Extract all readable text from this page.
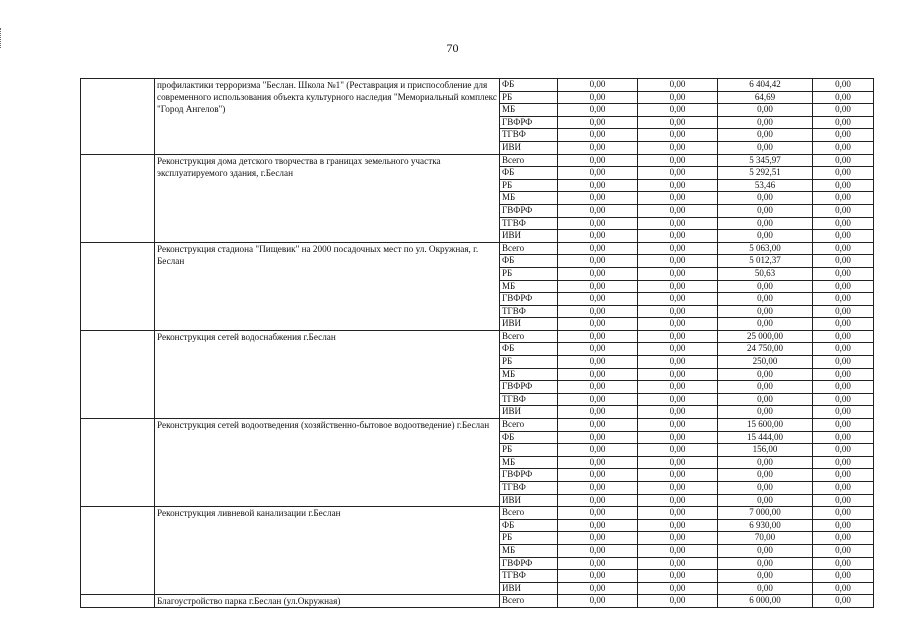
70
	профилактики терроризма "Беслан. Школа №1" (Реставрация и приспособление для современного использования объекта культурного наследия "Мемориальный комплекс "Город Ангелов")	ФБ	0,00	0,00	6 404,42	0,00
		РБ	0,00	0,00	64,69	0,00
		МБ	0,00	0,00	0,00	0,00
		ГВФРФ	0,00	0,00	0,00	0,00
		ТГВФ	0,00	0,00	0,00	0,00
		ИВИ	0,00	0,00	0,00	0,00
	Реконструкция дома детского творчества в границах земельного участка эксплуатируемого здания, г.Беслан	Всего	0,00	0,00	5 345,97	0,00
		ФБ	0,00	0,00	5 292,51	0,00
		РБ	0,00	0,00	53,46	0,00
		МБ	0,00	0,00	0,00	0,00
		ГВФРФ	0,00	0,00	0,00	0,00
		ТГВФ	0,00	0,00	0,00	0,00
		ИВИ	0,00	0,00	0,00	0,00
	Реконструкция стадиона "Пищевик" на 2000 посадочных мест по ул. Окружная, г. Беслан	Всего	0,00	0,00	5 063,00	0,00
		ФБ	0,00	0,00	5 012,37	0,00
		РБ	0,00	0,00	50,63	0,00
		МБ	0,00	0,00	0,00	0,00
		ГВФРФ	0,00	0,00	0,00	0,00
		ТГВФ	0,00	0,00	0,00	0,00
		ИВИ	0,00	0,00	0,00	0,00
	Реконструкция сетей водоснабжения г.Беслан	Всего	0,00	0,00	25 000,00	0,00
		ФБ	0,00	0,00	24 750,00	0,00
		РБ	0,00	0,00	250,00	0,00
		МБ	0,00	0,00	0,00	0,00
		ГВФРФ	0,00	0,00	0,00	0,00
		ТГВФ	0,00	0,00	0,00	0,00
		ИВИ	0,00	0,00	0,00	0,00
	Реконструкция сетей водоотведения (хозяйственно-бытовое водоотведение) г.Беслан	Всего	0,00	0,00	15 600,00	0,00
		ФБ	0,00	0,00	15 444,00	0,00
		РБ	0,00	0,00	156,00	0,00
		МБ	0,00	0,00	0,00	0,00
		ГВФРФ	0,00	0,00	0,00	0,00
		ТГВФ	0,00	0,00	0,00	0,00
		ИВИ	0,00	0,00	0,00	0,00
	Реконструкция ливневой канализации г.Беслан	Всего	0,00	0,00	7 000,00	0,00
		ФБ	0,00	0,00	6 930,00	0,00
		РБ	0,00	0,00	70,00	0,00
		МБ	0,00	0,00	0,00	0,00
		ГВФРФ	0,00	0,00	0,00	0,00
		ТГВФ	0,00	0,00	0,00	0,00
		ИВИ	0,00	0,00	0,00	0,00
	Благоустройство парка г.Беслан (ул.Окружная)	Всего	0,00	0,00	6 000,00	0,00
